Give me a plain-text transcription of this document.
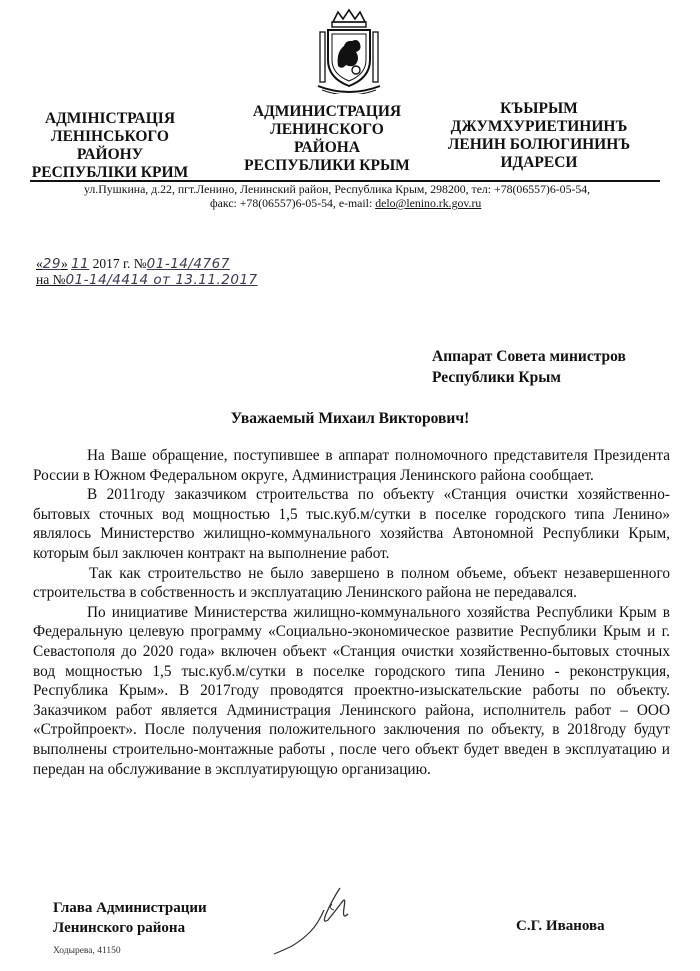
АДМІНІСТРАЦІЯ
ЛЕНІНСЬКОГО
РАЙОНУ
РЕСПУБЛІКИ КРИМ
АДМИНИСТРАЦИЯ
ЛЕНИНСКОГО
РАЙОНА
РЕСПУБЛИКИ КРЫМ
КЪЫРЫМ
ДЖУМХУРИЕТИНИНЪ
ЛЕНИН БОЛЮГИНИНЪ
ИДАРЕСИ
ул.Пушкина, д.22, пгт.Ленино, Ленинский район, Республика Крым, 298200, тел: +78(06557)6-05-54,
факс: +78(06557)6-05-54, e-mail: delo@lenino.rk.gov.ru
«29» 11 2017 г. №01-14/4767
на №01-14/4414 от 13.11.2017
Аппарат Совета министров
Республики Крым
Уважаемый Михаил Викторович!

На Ваше обращение, поступившее в аппарат полномочного представителя Президента России в Южном Федеральном округе, Администрация Ленинского района сообщает.

В 2011году заказчиком строительства по объекту «Станция очистки хозяйственно-бытовых сточных вод мощностью 1,5 тыс.куб.м/сутки в поселке городского типа Ленино» являлось Министерство жилищно-коммунального хозяйства Автономной Республики Крым, которым был заключен контракт на выполнение работ.

Так как строительство не было завершено в полном объеме, объект незавершенного строительства в собственность и эксплуатацию Ленинского района не передавался.

По инициативе Министерства жилищно-коммунального хозяйства Республики Крым в Федеральную целевую программу «Социально-экономическое развитие Республики Крым и г. Севастополя до 2020 года» включен объект «Станция очистки хозяйственно-бытовых сточных вод мощностью 1,5 тыс.куб.м/сутки в поселке городского типа Ленино - реконструкция, Республика Крым». В 2017году проводятся проектно-изыскательские работы по объекту. Заказчиком работ является Администрация Ленинского района, исполнитель работ – ООО «Стройпроект». После получения положительного заключения по объекту, в 2018году будут выполнены строительно-монтажные работы , после чего объект будет введен в эксплуатацию и передан на обслуживание в эксплуатирующую организацию.

Глава Администрации
Ленинского района	С.Г. Иванова
Ходырева, 41150
